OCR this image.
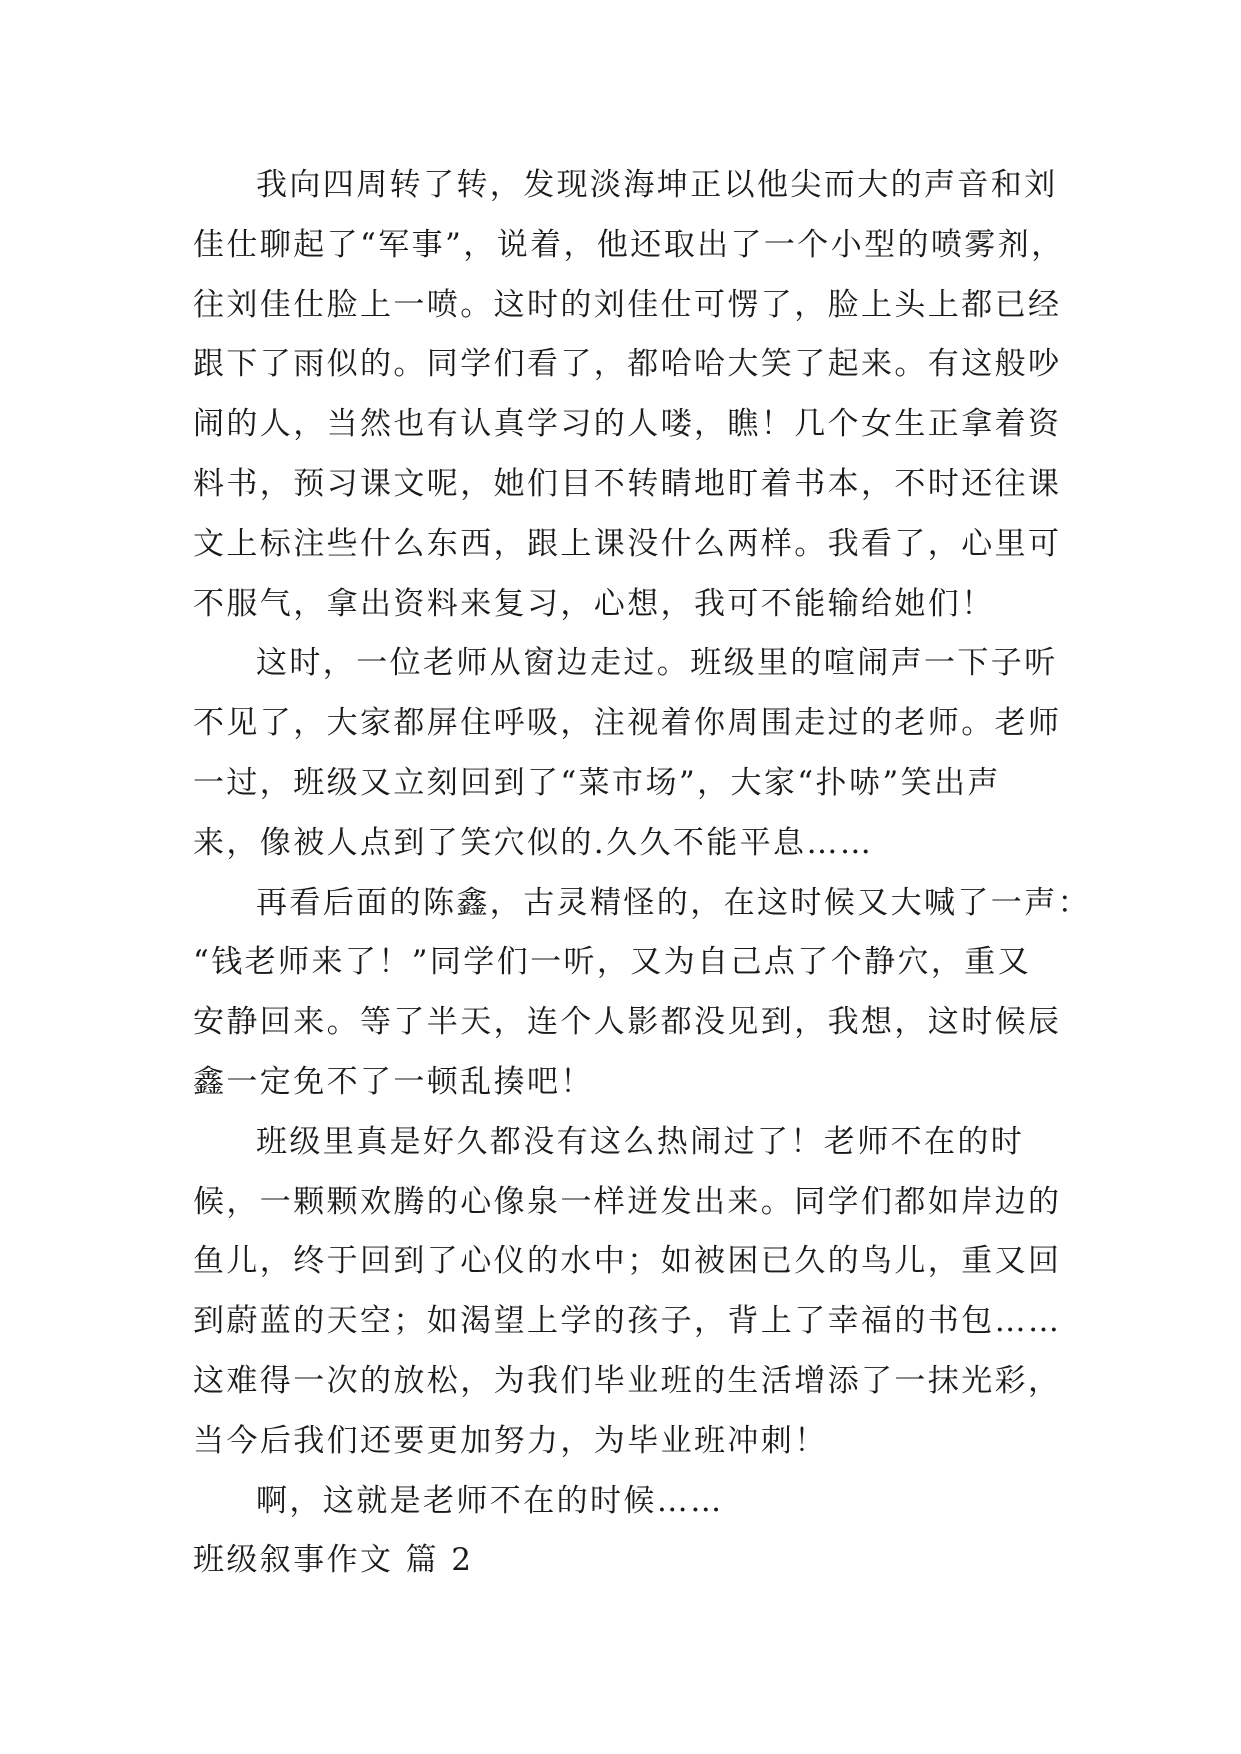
我向四周转了转，发现淡海坤正以他尖而大的声音和刘
佳仕聊起了“军事”，说着，他还取出了一个小型的喷雾剂，
往刘佳仕脸上一喷。这时的刘佳仕可愣了，脸上头上都已经
跟下了雨似的。同学们看了，都哈哈大笑了起来。有这般吵
闹的人，当然也有认真学习的人喽，瞧！几个女生正拿着资
料书，预习课文呢，她们目不转睛地盯着书本，不时还往课
文上标注些什么东西，跟上课没什么两样。我看了，心里可
不服气，拿出资料来复习，心想，我可不能输给她们！
这时，一位老师从窗边走过。班级里的喧闹声一下子听
不见了，大家都屏住呼吸，注视着你周围走过的老师。老师
一过，班级又立刻回到了“菜市场”，大家“扑哧”笑出声
来，像被人点到了笑穴似的.久久不能平息……
再看后面的陈鑫，古灵精怪的，在这时候又大喊了一声：
“钱老师来了！”同学们一听，又为自己点了个静穴，重又
安静回来。等了半天，连个人影都没见到，我想，这时候辰
鑫一定免不了一顿乱揍吧！
班级里真是好久都没有这么热闹过了！老师不在的时
候，一颗颗欢腾的心像泉一样迸发出来。同学们都如岸边的
鱼儿，终于回到了心仪的水中；如被困已久的鸟儿，重又回
到蔚蓝的天空；如渴望上学的孩子，背上了幸福的书包……
这难得一次的放松，为我们毕业班的生活增添了一抹光彩，
当今后我们还要更加努力，为毕业班冲刺！
啊，这就是老师不在的时候……
班级叙事作文 篇 2
